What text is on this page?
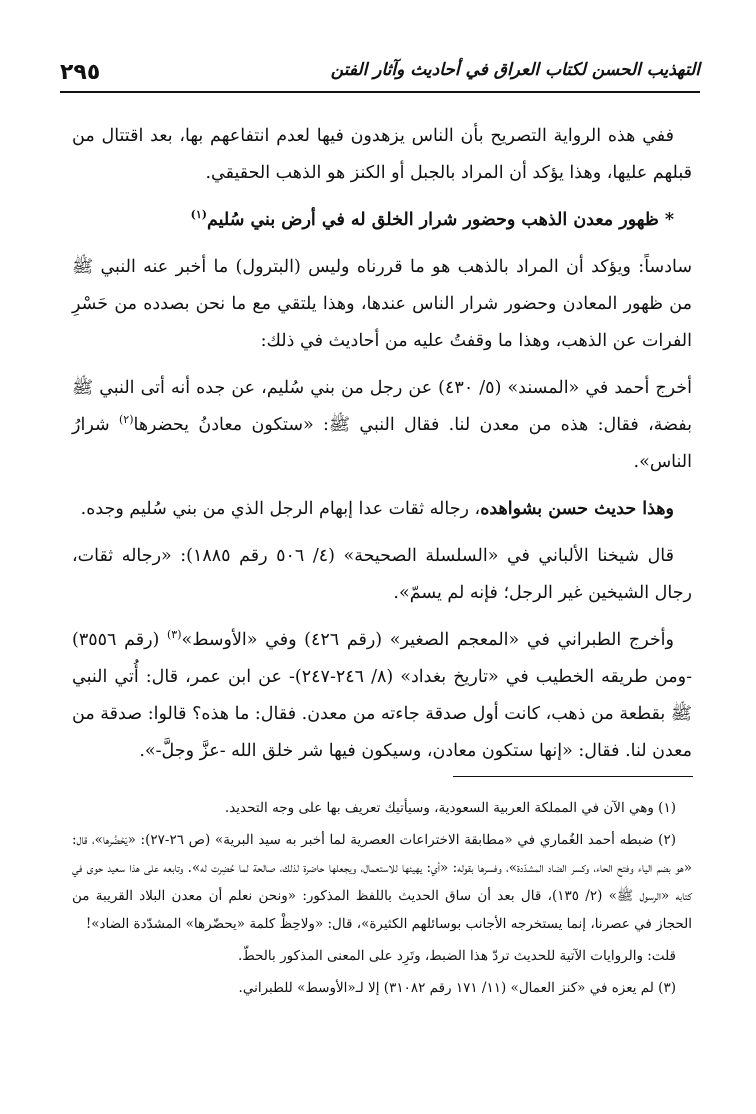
التهذيب الحسن لكتاب العراق في أحاديث وآثار الفتن
٢٩٥

ففي هذه الرواية التصريح بأن الناس يزهدون فيها لعدم انتفاعهم بها، بعد اقتتال من قبلهم عليها، وهذا يؤكد أن المراد بالجبل أو الكنز هو الذهب الحقيقي.

* ظهور معدن الذهب وحضور شرار الخلق له في أرض بني سُليم$^{(١)}$

سادساً: ويؤكد أن المراد بالذهب هو ما قررناه وليس (البترول) ما أخبر عنه النبي ﷺ من ظهور المعادن وحضور شرار الناس عندها، وهذا يلتقي مع ما نحن بصدده من حَسْرِ الفرات عن الذهب، وهذا ما وقفتُ عليه من أحاديث في ذلك:

أخرج أحمد في «المسند» (٥/ ٤٣٠) عن رجل من بني سُليم، عن جده أنه أتى النبي ﷺ بفضة، فقال: هذه من معدن لنا. فقال النبي ﷺ: «ستكون معادنُ يحضرها$^{(٢)}$ شرارُ الناس».

وهذا حديث حسن بشواهده، رجاله ثقات عدا إبهام الرجل الذي من بني سُليم وجده.

قال شيخنا الألباني في «السلسلة الصحيحة» (٤/ ٥٠٦ رقم ١٨٨٥): «رجاله ثقات، رجال الشيخين غير الرجل؛ فإنه لم يسمّ».

وأخرج الطبراني في «المعجم الصغير» (رقم ٤٢٦) وفي «الأوسط»$^{(٣)}$ (رقم ٣٥٥٦) -ومن طريقه الخطيب في «تاريخ بغداد» (٨/ ٢٤٦-٢٤٧)- عن ابن عمر، قال: أُتي النبي ﷺ بقطعة من ذهب، كانت أول صدقة جاءته من معدن. فقال: ما هذه؟ قالوا: صدقة من معدن لنا. فقال: «إنها ستكون معادن، وسيكون فيها شر خلق الله -عزَّ وجلَّ-».

(١) وهي الآن في المملكة العربية السعودية، وسيأتيك تعريف بها على وجه التحديد.

(٢) ضبطه أحمد الغُماري في «مطابقة الاختراعات العصرية لما أخبر به سيد البرية» (ص ٢٦-٢٧): «يَحْضُرها»، قال: «هو بضم الياء وفتح الحاء، وكسر الضاد المشدّدة»، وفسرها بقوله: «أي: يهيئها للاستعمال، ويجعلها حاضرة لذلك، صالحة لما حُضِرت له». وتابعه على هذا سعيد حوى في كتابه «الرسول ﷺ» (٢/ ١٣٥)، قال بعد أن ساق الحديث باللفظ المذكور: «ونحن نعلم أن معدن البلاد القريبة من الحجاز في عصرنا، إنما يستخرجه الأجانب بوسائلهم الكثيرة»، قال: «ولاحِظْ كلمة «يحضّرها» المشدّدة الضاد»!

قلت: والروايات الآتية للحديث تردّ هذا الضبط، وتَرِد على المعنى المذكور بالحطّ.

(٣) لم يعزه في «كنز العمال» (١١/ ١٧١ رقم ٣١٠٨٢) إلا لـ«الأوسط» للطبراني.
